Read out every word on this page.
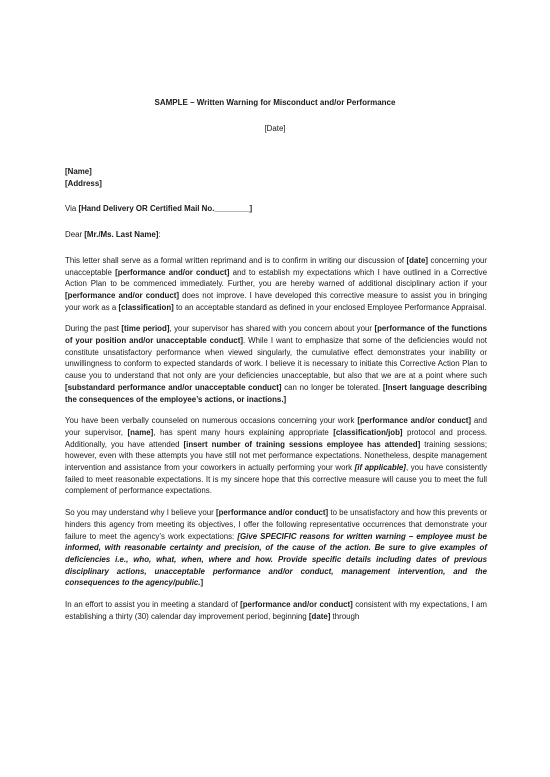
SAMPLE – Written Warning for Misconduct and/or Performance
[Date]
[Name]
[Address]
Via [Hand Delivery OR Certified Mail No.________]
Dear [Mr./Ms. Last Name]:

This letter shall serve as a formal written reprimand and is to confirm in writing our discussion of [date] concerning your unacceptable [performance and/or conduct] and to establish my expectations which I have outlined in a Corrective Action Plan to be commenced immediately. Further, you are hereby warned of additional disciplinary action if your [performance and/or conduct] does not improve. I have developed this corrective measure to assist you in bringing your work as a [classification] to an acceptable standard as defined in your enclosed Employee Performance Appraisal.

During the past [time period], your supervisor has shared with you concern about your [performance of the functions of your position and/or unacceptable conduct]. While I want to emphasize that some of the deficiencies would not constitute unsatisfactory performance when viewed singularly, the cumulative effect demonstrates your inability or unwillingness to conform to expected standards of work. I believe it is necessary to initiate this Corrective Action Plan to cause you to understand that not only are your deficiencies unacceptable, but also that we are at a point where such [substandard performance and/or unacceptable conduct] can no longer be tolerated. [Insert language describing the consequences of the employee’s actions, or inactions.]

You have been verbally counseled on numerous occasions concerning your work [performance and/or conduct] and your supervisor, [name], has spent many hours explaining appropriate [classification/job] protocol and process. Additionally, you have attended [insert number of training sessions employee has attended] training sessions; however, even with these attempts you have still not met performance expectations. Nonetheless, despite management intervention and assistance from your coworkers in actually performing your work [if applicable], you have consistently failed to meet reasonable expectations. It is my sincere hope that this corrective measure will cause you to meet the full complement of performance expectations.

So you may understand why I believe your [performance and/or conduct] to be unsatisfactory and how this prevents or hinders this agency from meeting its objectives, I offer the following representative occurrences that demonstrate your failure to meet the agency’s work expectations: [Give SPECIFIC reasons for written warning – employee must be informed, with reasonable certainty and precision, of the cause of the action. Be sure to give examples of deficiencies i.e., who, what, when, where and how. Provide specific details including dates of previous disciplinary actions, unacceptable performance and/or conduct, management intervention, and the consequences to the agency/public.]

In an effort to assist you in meeting a standard of [performance and/or conduct] consistent with my expectations, I am establishing a thirty (30) calendar day improvement period, beginning [date] through
